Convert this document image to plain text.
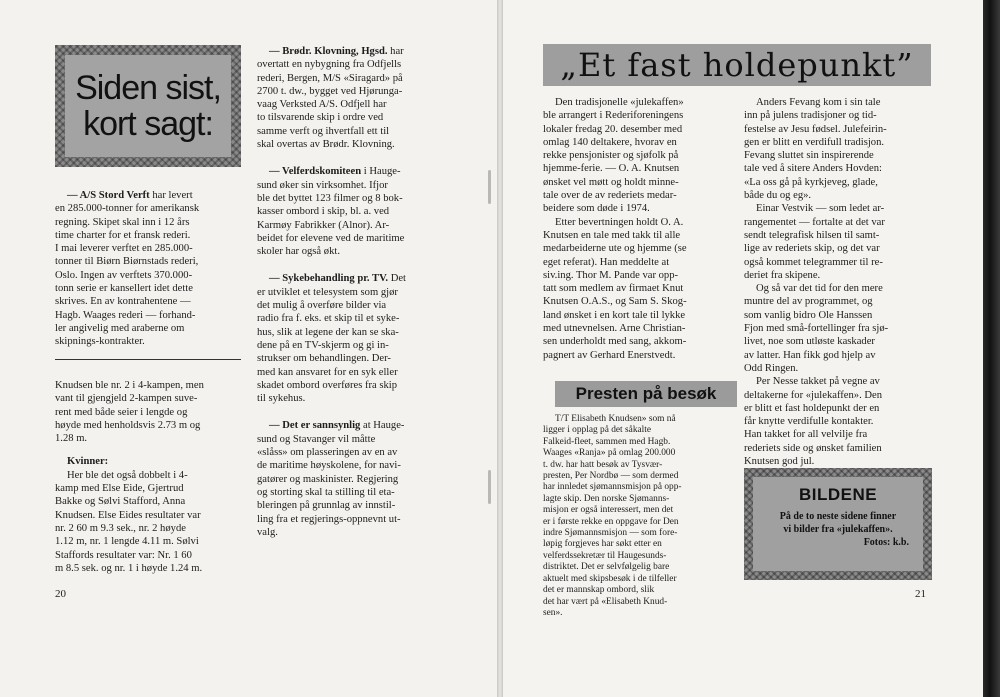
Siden sist,
kort sagt:

— A/S Stord Verft har levert

en 285.000-tonner for amerikansk

regning. Skipet skal inn i 12 års

time charter for et fransk rederi.

I mai leverer verftet en 285.000-

tonner til Biørn Biørnstads rederi,

Oslo. Ingen av verftets 370.000-

tonn serie er kansellert idet dette

skrives. En av kontrahentene —

Hagb. Waages rederi — forhand-

ler angivelig med araberne om

skipnings-kontrakter.

Knudsen ble nr. 2 i 4-kampen, men

vant til gjengjeld 2-kampen suve-

rent med både seier i lengde og

høyde med henholdsvis 2.73 m og

1.28 m.

Kvinner:

Her ble det også dobbelt i 4-

kamp med Else Eide, Gjertrud

Bakke og Sølvi Stafford, Anna

Knudsen. Else Eides resultater var

nr. 2 60 m 9.3 sek., nr. 2 høyde

1.12 m, nr. 1 lengde 4.11 m. Sølvi

Staffords resultater var: Nr. 1 60

m 8.5 sek. og nr. 1 i høyde 1.24 m.

— Brødr. Klovning, Hgsd. har

overtatt en nybygning fra Odfjells

rederi, Bergen, M/S «Siragard» på

2700 t. dw., bygget ved Hjørunga-

vaag Verksted A/S. Odfjell har

to tilsvarende skip i ordre ved

samme verft og ihvertfall ett til

skal overtas av Brødr. Klovning.

— Velferdskomiteen i Hauge-

sund øker sin virksomhet. Ifjor

ble det byttet 123 filmer og 8 bok-

kasser ombord i skip, bl. a. ved

Karmøy Fabrikker (Alnor). Ar-

beidet for elevene ved de maritime

skoler har også økt.

— Sykebehandling pr. TV. Det

er utviklet et telesystem som gjør

det mulig å overføre bilder via

radio fra f. eks. et skip til et syke-

hus, slik at legene der kan se ska-

dene på en TV-skjerm og gi in-

strukser om behandlingen. Der-

med kan ansvaret for en syk eller

skadet ombord overføres fra skip

til sykehus.

— Det er sannsynlig at Hauge-

sund og Stavanger vil måtte

«slåss» om plasseringen av en av

de maritime høyskolene, for navi-

gatører og maskinister. Regjering

og storting skal ta stilling til eta-

bleringen på grunnlag av innstil-

ling fra et regjerings-oppnevnt ut-

valg.

20
„Et fast holdepunkt”

Den tradisjonelle «julekaffen»

ble arrangert i Rederiforeningens

lokaler fredag 20. desember med

omlag 140 deltakere, hvorav en

rekke pensjonister og sjøfolk på

hjemme-ferie. — O. A. Knutsen

ønsket vel møtt og holdt minne-

tale over de av rederiets medar-

beidere som døde i 1974.

Etter bevertningen holdt O. A.

Knutsen en tale med takk til alle

medarbeiderne ute og hjemme (se

eget referat). Han meddelte at

siv.ing. Thor M. Pande var opp-

tatt som medlem av firmaet Knut

Knutsen O.A.S., og Sam S. Skog-

land ønsket i en kort tale til lykke

med utnevnelsen. Arne Christian-

sen underholdt med sang, akkom-

pagnert av Gerhard Enerstvedt.

Presten på besøk

T/T Elisabeth Knudsen» som nå

ligger i opplag på det såkalte

Falkeid-fleet, sammen med Hagb.

Waages «Ranja» på omlag 200.000

t. dw. har hatt besøk av Tysvær-

presten, Per Nordbø — som dermed

har innledet sjømannsmisjon på opp-

lagte skip. Den norske Sjømanns-

misjon er også interessert, men det

er i første rekke en oppgave for Den

indre Sjømannsmisjon — som fore-

løpig forgjeves har søkt etter en

velferdssekretær til Haugesunds-

distriktet. Det er selvfølgelig bare

aktuelt med skipsbesøk i de tilfeller

det er mannskap ombord, slik

det har vært på «Elisabeth Knud-

sen».

Anders Fevang kom i sin tale

inn på julens tradisjoner og tid-

festelse av Jesu fødsel. Julefeirin-

gen er blitt en verdifull tradisjon.

Fevang sluttet sin inspirerende

tale ved å sitere Anders Hovden:

«La oss gå på kyrkjeveg, glade,

både du og eg».

Einar Vestvik — som ledet ar-

rangementet — fortalte at det var

sendt telegrafisk hilsen til samt-

lige av rederiets skip, og det var

også kommet telegrammer til re-

deriet fra skipene.

Og så var det tid for den mere

muntre del av programmet, og

som vanlig bidro Ole Hanssen

Fjon med små-fortellinger fra sjø-

livet, noe som utløste kaskader

av latter. Han fikk god hjelp av

Odd Ringen.

Per Nesse takket på vegne av

deltakerne for «julekaffen». Den

er blitt et fast holdepunkt der en

får knytte verdifulle kontakter.

Han takket for all velvilje fra

rederiets side og ønsket familien

Knutsen god jul.

BILDENE
På de to neste sidene finner
vi bilder fra «julekaffen».
Fotos: k.b.
21
